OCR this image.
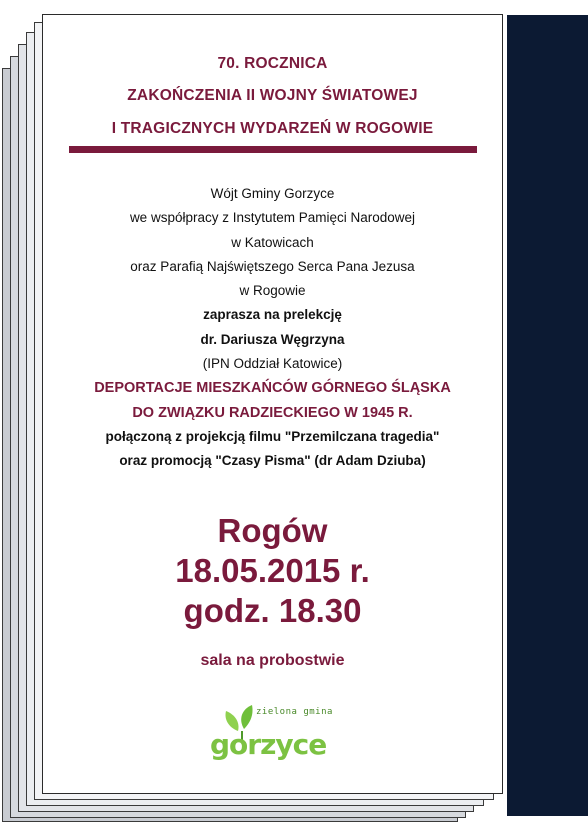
70. ROCZNICA
ZAKOŃCZENIA II WOJNY ŚWIATOWEJ
I TRAGICZNYCH WYDARZEŃ W ROGOWIE
Wójt Gminy Gorzyce
we współpracy z Instytutem Pamięci Narodowej
w Katowicach
oraz Parafią Najświętszego Serca Pana Jezusa
w Rogowie
zaprasza na prelekcję
dr. Dariusza Węgrzyna
(IPN Oddział Katowice)
DEPORTACJE MIESZKAŃCÓW GÓRNEGO ŚLĄSKA
DO ZWIĄZKU RADZIECKIEGO W 1945 R.
połączoną z projekcją filmu "Przemilczana tragedia"
oraz promocją "Czasy Pisma" (dr Adam Dziuba)
Rogów
18.05.2015 r.
godz. 18.30
sala na probostwie
zielona gmina
gorzyce
